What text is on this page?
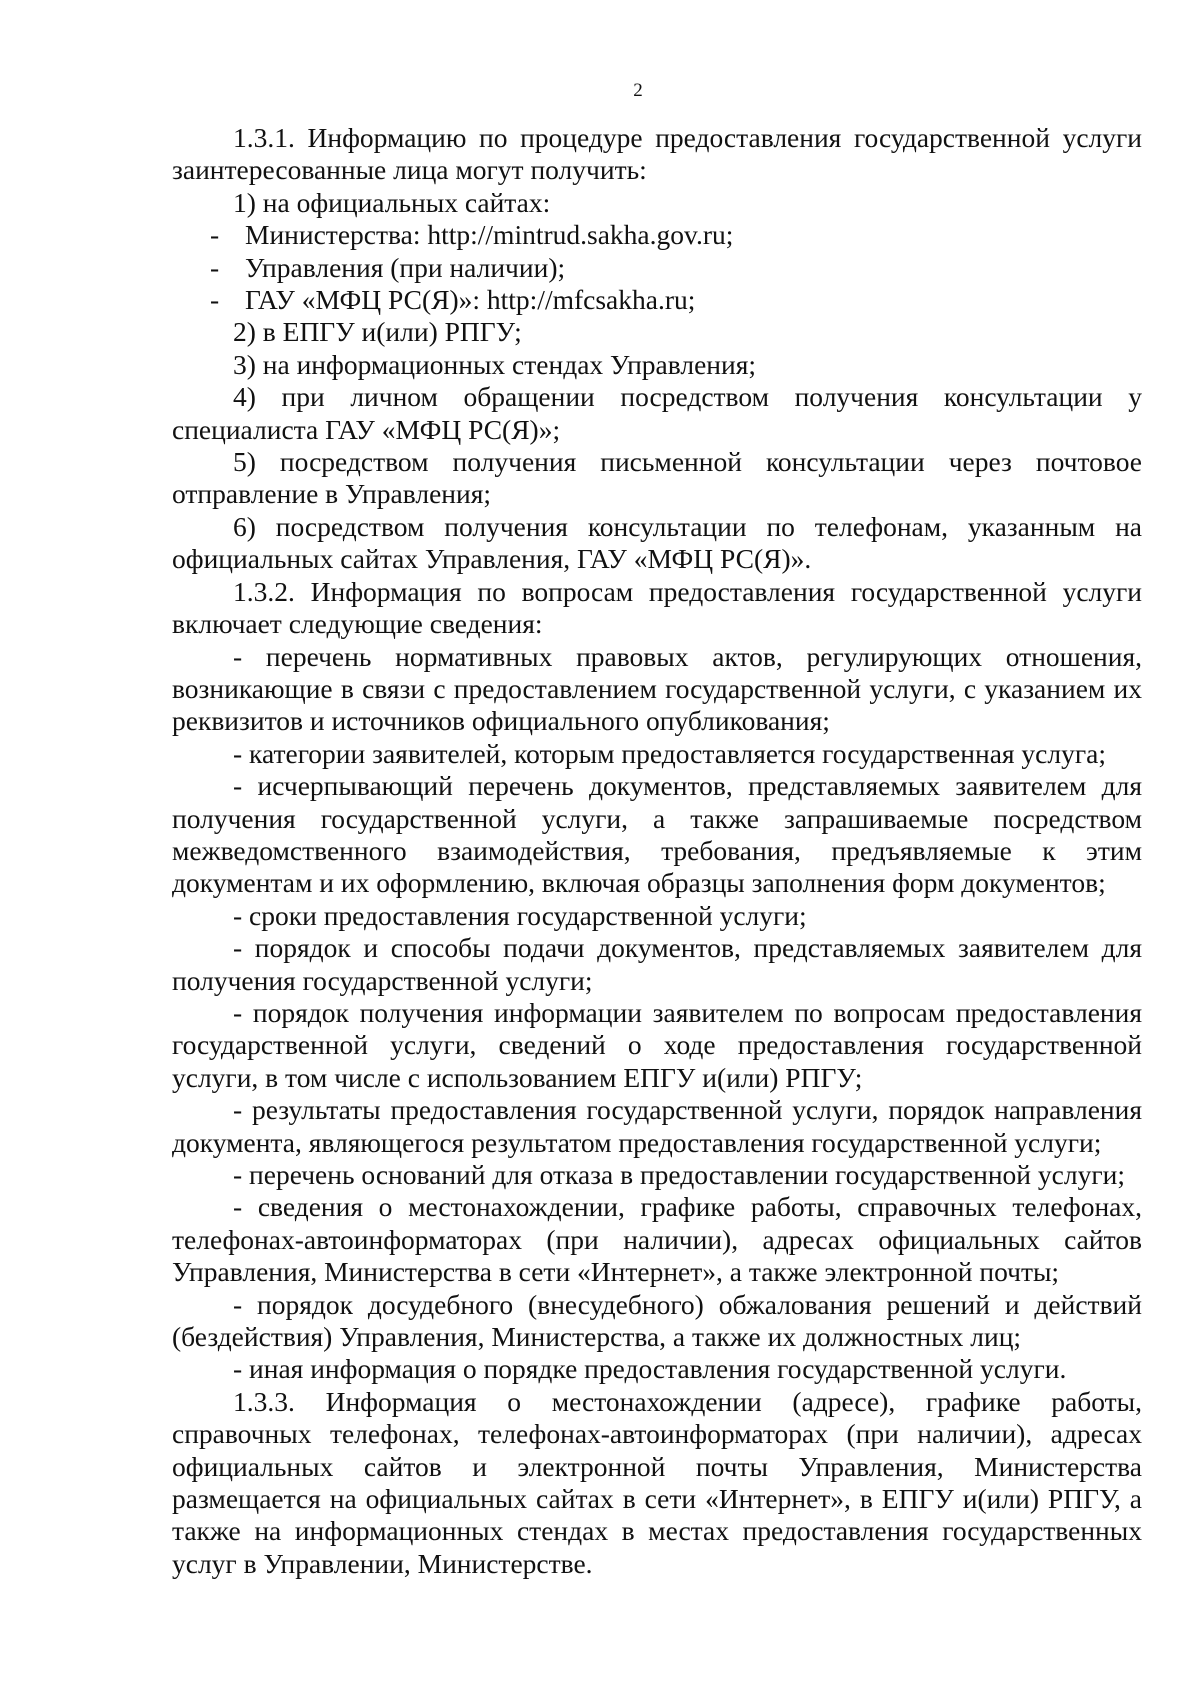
2

1.3.1. Информацию по процедуре предоставления государственной услуги заинтересованные лица могут получить:

1) на официальных сайтах:

- Министерства: http://mintrud.sakha.gov.ru;

- Управления (при наличии);

- ГАУ «МФЦ РС(Я)»: http://mfcsakha.ru;

2) в ЕПГУ и(или) РПГУ;

3) на информационных стендах Управления;

4) при личном обращении посредством получения консультации у специалиста ГАУ «МФЦ РС(Я)»;

5) посредством получения письменной консультации через почтовое отправление в Управления;

6) посредством получения консультации по телефонам, указанным на официальных сайтах Управления, ГАУ «МФЦ РС(Я)».

1.3.2. Информация по вопросам предоставления государственной услуги включает следующие сведения:

- перечень нормативных правовых актов, регулирующих отношения, возникающие в связи с предоставлением государственной услуги, с указанием их реквизитов и источников официального опубликования;

- категории заявителей, которым предоставляется государственная услуга;

- исчерпывающий перечень документов, представляемых заявителем для получения государственной услуги, а также запрашиваемые посредством межведомственного взаимодействия, требования, предъявляемые к этим документам и их оформлению, включая образцы заполнения форм документов;

- сроки предоставления государственной услуги;

- порядок и способы подачи документов, представляемых заявителем для получения государственной услуги;

- порядок получения информации заявителем по вопросам предоставления государственной услуги, сведений о ходе предоставления государственной услуги, в том числе с использованием ЕПГУ и(или) РПГУ;

- результаты предоставления государственной услуги, порядок направления документа, являющегося результатом предоставления государственной услуги;

- перечень оснований для отказа в предоставлении государственной услуги;

- сведения о местонахождении, графике работы, справочных телефонах, телефонах-автоинформаторах (при наличии), адресах официальных сайтов Управления, Министерства в сети «Интернет», а также электронной почты;

- порядок досудебного (внесудебного) обжалования решений и действий (бездействия) Управления, Министерства, а также их должностных лиц;

- иная информация о порядке предоставления государственной услуги.

1.3.3. Информация о местонахождении (адресе), графике работы, справочных телефонах, телефонах-автоинформаторах (при наличии), адресах официальных сайтов и электронной почты Управления, Министерства размещается на официальных сайтах в сети «Интернет», в ЕПГУ и(или) РПГУ, а также на информационных стендах в местах предоставления государственных услуг в Управлении, Министерстве.
